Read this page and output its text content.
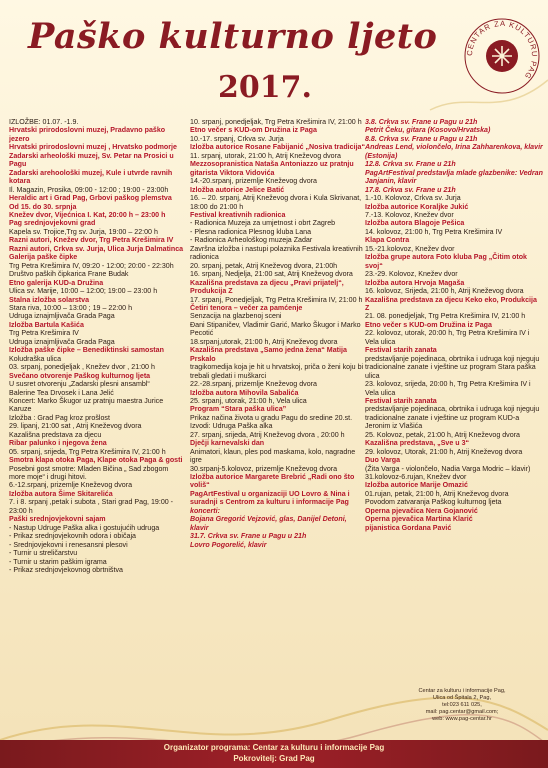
Paško kulturno ljeto
2017.
CENTAR ZA KULTURU PAG

IZLOŽBE: 01.07. -1.9.

Hrvatski prirodoslovni muzej, Pradavno paško jezero

Hrvatski prirodoslovni muzej , Hrvatsko podmorje

Zadarski arheološki muzej, Sv. Petar na Prosici u Pagu

Zadarski arehoološki muzej, Kule i utvrde ravnih kotara

Il. Magazin, Prosika, 09:00 - 12:00 ; 19:00 - 23:00h

Heraldic art i Grad Pag, Grbovi paškog plemstva

Od 15. do 30. srpnja

Knežev dvor, Vijećnica I. Kat, 20:00 h – 23:00 h

Pag srednjovjekovni grad

Kapela sv. Trojice,Trg sv. Jurja, 19:00 – 22:00 h

Razni autori, Knežev dvor, Trg Petra Krešimira IV

Razni autori, Crkva sv. Jurja, Ulica Jurja Dalmatinca

Galerija paške čipke

Trg Petra Krešimira IV, 09:20 - 12:00; 20:00 - 22:30h

Društvo paških čipkarica Frane Budak

Etno galerija KUD-a Družina

Ulica sv. Marije, 10:00 – 12:00; 19:00 – 23:00 h

Stalna izložba solarstva

Stara riva, 10:00 – 13:00 ; 19 – 22:00 h

Udruga iznajmljivača Grada Paga

Izložba Bartula Kašića

Trg Petra Krešimira IV

Udruga iznajmljivača Grada Paga

Izložba paške čipke – Benediktinski samostan

Koludraška ulica

03. srpanj, ponedjeljak , Knežev dvor , 21:00 h

Svečano otvorenje Paškog kulturnog ljeta

U susret otvorenju „Zadarski plesni ansambl“

Balerine Tea Drvosek i Lana Jelić

Koncert: Marko Škugor uz pratnju maestra Jurice Karuze

Izložba : Grad Pag kroz prošlost

29. lipanj, 21:00 sat , Atrij Kneževog dvora

Kazališna predstava za djecu

Ribar palunko i njegova žena

05. srpanj, srijeda, Trg Petra Krešimira IV, 21:00 h

Smotra klapa otoka Paga, Klape otoka Paga & gosti

Posebni gost smotre: Mladen Bičina „ Sad zbogom more moje“ i drugi hitovi.

6.-12.srpanj, prizemlje Kneževog dvora

Izložba autora Šime Skitarelića

7. i 8. srpanj ,petak i subota , Stari grad Pag, 19:00 - 23:00 h

Paški srednjovjekovni sajam

- Nastup Udruge Paška alka i gostujućih udruga

- Prikaz srednjovjekovnih odora i običaja

- Srednjovjekovni i renesansni plesovi

- Turnir u streličarstvu

- Turnir u starim paškim igrama

- Prikaz srednjovjekovnog obrtništva

10. srpanj, ponedjeljak, Trg Petra Krešimira IV, 21:00 h

Etno večer s KUD-om Družina iz Paga

10.-17. srpanj, Crkva sv. Jurja

Izložba autorice Rosane Fabijanić „Nosiva tradicija“

11. srpanj, utorak, 21:00 h, Atrij Kneževog dvora

Mezzosopranistica Nataša Antoniazzo uz pratnju gitarista Viktora Vidovića

14.-20.srpanj, prizemlje Kneževog dvora

Izložba autorice Jelice Batić

16. – 20. srpanj, Atrij Kneževog dvora i Kula Skrivanat, 18:00 do 21:00 h

Festival kreativnih radionica

- Radionica Muzeja za umjetnost i obrt Zagreb

- Plesna radionica Plesnog kluba Lana

- Radionica Arheološkog muzeja Zadar

Završna izložba i nastupi polaznika Festivala kreativnih radionica

20. srpanj, petak, Atrij Kneževog dvora, 21:00h

16. srpanj, Nedjelja, 21:00 sat, Atrij Kneževog dvora

Kazališna predstava za djecu „Pravi prijatelj“, Produkcija Z

17. srpanj, Ponedjeljak, Trg Petra Krešimira IV, 21:00 h

Četiri tenora – večer za pamćenje

Senzacija na glazbenoj sceni

Đani Stipaničev, Vladimir Garić, Marko Škugor i Marko Pecotić

18.srpanj,utorak, 21:00 h, Atrij Kneževog dvora

Kazališna predstava „Samo jedna žena“ Matija Prskalo

tragikomedija koja je hit u hrvatskoj, priča o ženi koju bi trebali gledati i muškarci

22.-28.srpanj, prizemlje Kneževog dvora

Izložba autora Mihovila Sabalića

25. srpanj, utorak, 21:00 h, Vela ulica

Program “Stara paška ulica”

Prikaz načina života u gradu Pagu do sredine 20.st.

Izvodi: Udruga Paška alka

27. srpanj, srijeda, Atrij Kneževog dvora , 20:00 h

Dječji karnevalski dan

Animatori, klaun, ples pod maskama, kolo, nagradne igre

30.srpanj-5.kolovoz, prizemlje Kneževog dvora

Izložba autorice Margarete Brebrić „Radi ono što voliš“

PagArtFestival u organizaciji UO Lovro & Nina i suradnji s Centrom za kulturu i informacije Pag

koncerti:

Bojana Gregorić Vejzović, glas, Danijel Detoni, klavir

31.7. Crkva sv. Frane u Pagu u 21h

Lovro Pogorelić, klavir

3.8. Crkva sv. Frane u Pagu u 21h

Petrit Čeku, gitara (Kosovo/Hrvatska)

8.8. Crkva sv. Frane u Pagu u 21h

Andreas Lend, violončelo, Irina Zahharenkova, klavir (Estonija)

12.8. Crkva sv. Frane u 21h

PagArtFestival predstavlja mlade glazbenike: Vedran Janjanin, klavir

17.8. Crkva sv. Frane u 21h

1.-10. Kolovoz, Crkva sv. Jurja

Izložba autorice Koraljke Jukić

7.-13. Kolovoz, Knežev dvor

Izložba autora Blagoje Pešica

14. kolovoz, 21:00 h, Trg Petra Krešimira IV

Klapa Contra

15.-21.kolovoz, Knežev dvor

Izložba grupe autora Foto kluba Pag „Čitim otok svoj“

23.-29. Kolovoz, Knežev dvor

Izložba autora Hrvoja Magaša

16. kolovoz, Srijeda, 21:00 h, Atrij Kneževog dvora

Kazališna predstava za djecu Keko eko, Produkcija Z

21. 08. ponedjeljak, Trg Petra Krešimira IV, 21:00 h

Etno večer s KUD-om Družina iz Paga

22. kolovoz, utorak, 20:00 h, Trg Petra Krešimira IV i Vela ulica

Festival starih zanata

predstavljanje pojedinaca, obrtnika i udruga koji njeguju tradicionalne zanate i vještine uz program Stara paška ulica

23. kolovoz, srijeda, 20:00 h, Trg Petra Krešimira IV i Vela ulica

Festival starih zanata

predstavljanje pojedinaca, obrtnika i udruga koji njeguju tradicionalne zanate i vještine uz program KUD-a Jeronim iz Vlašića

25. Kolovoz, petak, 21:00 h, Atrij Kneževog dvora

Kazališna predstava, „Sve u 3“

29. kolovoz, Utorak, 21:00 h, Atrij Kneževog dvora

Duo Varga

(Žita Varga - violončelo, Nadia Varga Modric – klavir)

31.kolovoz-6.rujan, Knežev dvor

Izložba autorice Marije Omazić

01.rujan, petak, 21:00 h, Atrij Kneževog dvora

Povodom zatvaranja Paškog kulturnog ljeta

Operna pjevačica Nera Gojanović

Operna pjevačica Martina Klarić

pijanistica Gordana Pavić

Centar za kulturu i informacije Pag,
Ulica od Špitala 2, Pag,
tel:023 611 025,
mail: pag.centar@gmail.com;
web: www.pag-centar.hr
Organizator programa: Centar za kulturu i informacije Pag
Pokrovitelj: Grad Pag
